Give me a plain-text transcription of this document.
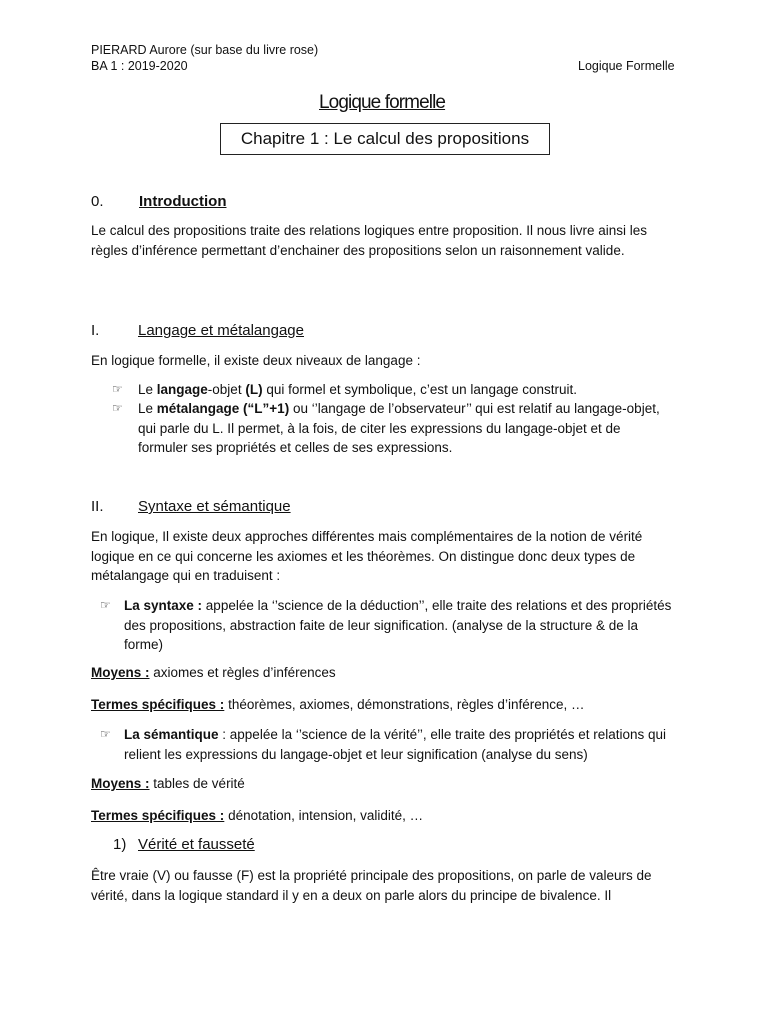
PIERARD Aurore (sur base du livre rose)
BA 1 : 2019-2020	Logique Formelle
Logique formelle
Chapitre 1 : Le calcul des propositions
0. Introduction
Le calcul des propositions traite des relations logiques entre proposition. Il nous livre ainsi les règles d’inférence permettant d’enchainer des propositions selon un raisonnement valide.
I.	Langage et métalangage
En logique formelle, il existe deux niveaux de langage :
☞ Le langage-objet (L) qui formel et symbolique, c’est un langage construit.
☞ Le métalangage (“L”+1) ou ‘’langage de l’observateur’’ qui est relatif au langage-objet, qui parle du L. Il permet, à la fois, de citer les expressions du langage-objet et de formuler ses propriétés et celles de ses expressions.
II. Syntaxe et sémantique
En logique, Il existe deux approches différentes mais complémentaires de la notion de vérité logique en ce qui concerne les axiomes et les théorèmes. On distingue donc deux types de métalangage qui en traduisent :
☞ La syntaxe : appelée la ‘’science de la déduction’’, elle traite des relations et des propriétés des propositions, abstraction faite de leur signification. (analyse de la structure & de la forme)
Moyens : axiomes et règles d’inférences
Termes spécifiques : théorèmes, axiomes, démonstrations, règles d’inférence, …
☞ La sémantique : appelée la ‘’science de la vérité’’, elle traite des propriétés et relations qui relient les expressions du langage-objet et leur signification (analyse du sens)
Moyens : tables de vérité
Termes spécifiques : dénotation, intension, validité, …
1) Vérité et fausseté
Être vraie (V) ou fausse (F) est la propriété principale des propositions, on parle de valeurs de vérité, dans la logique standard il y en a deux on parle alors du principe de bivalence. Il
